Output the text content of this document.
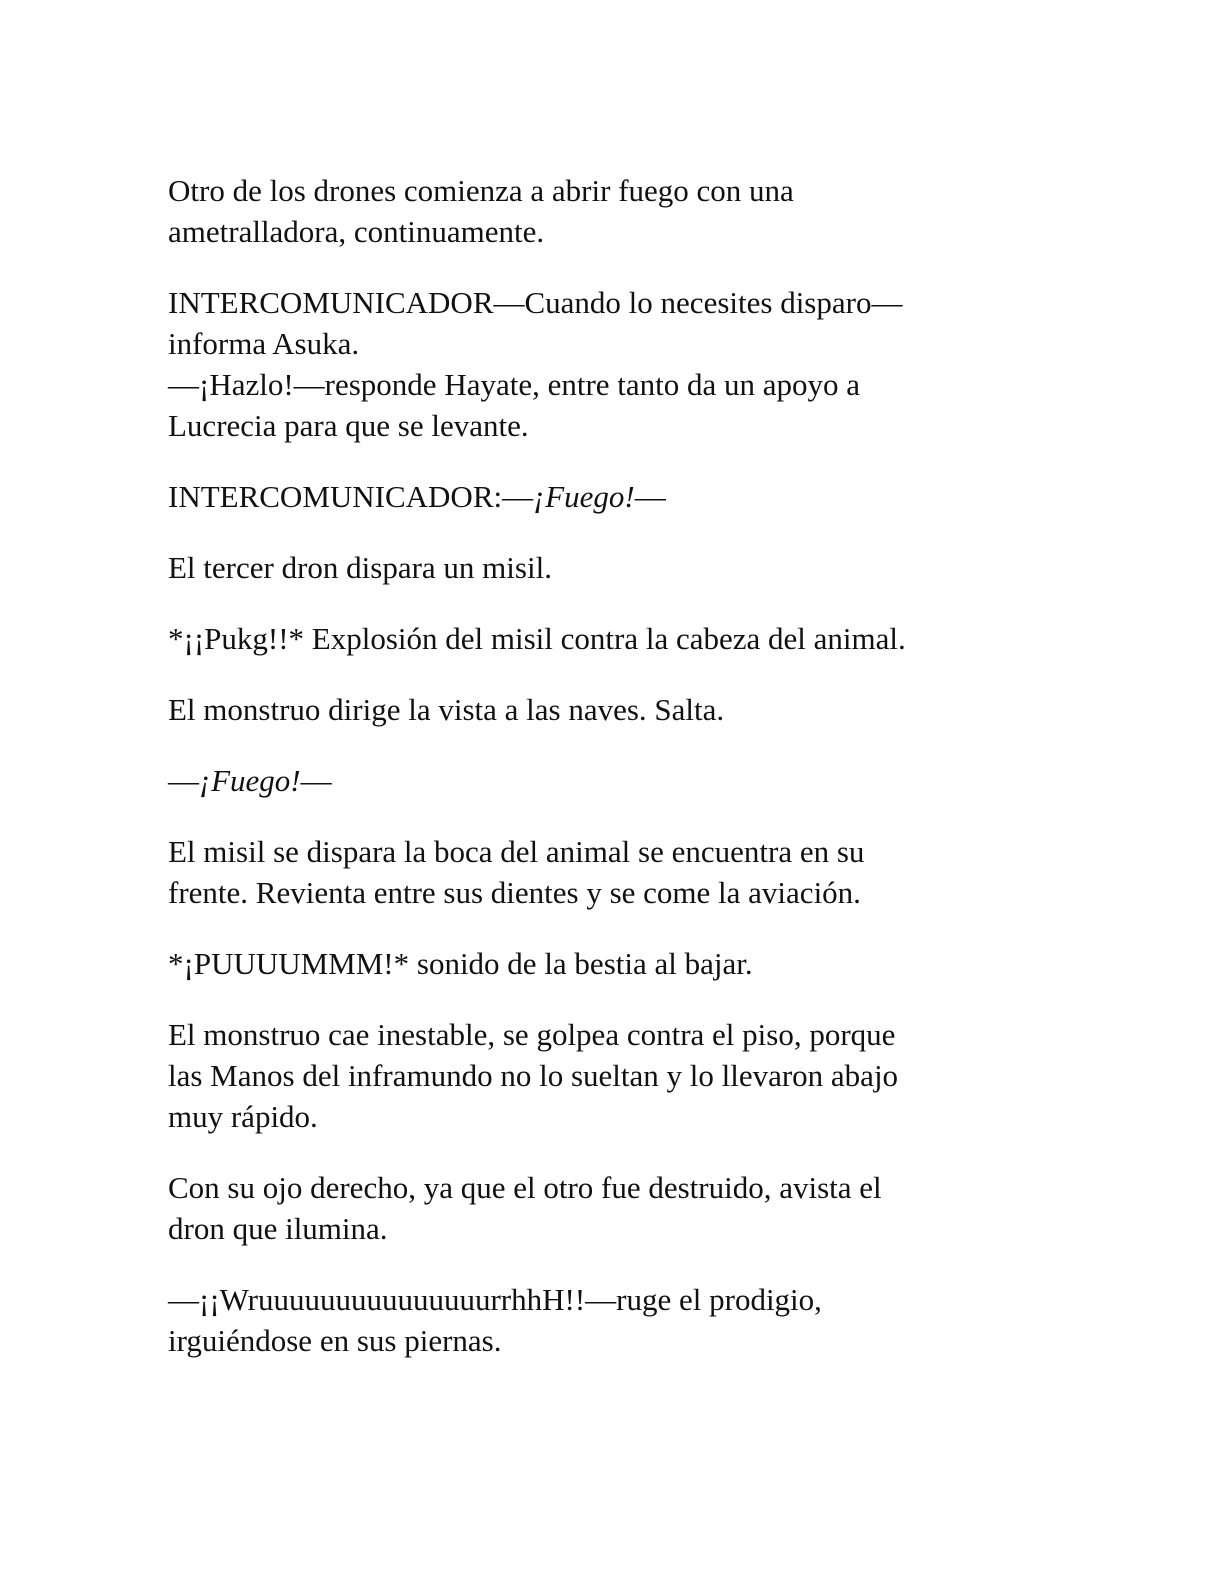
Otro de los drones comienza a abrir fuego con una
ametralladora, continuamente.

INTERCOMUNICADOR—Cuando lo necesites disparo—
informa Asuka.

—¡Hazlo!—responde Hayate, entre tanto da un apoyo a
Lucrecia para que se levante.

INTERCOMUNICADOR:—¡Fuego!—

El tercer dron dispara un misil.

*¡¡Pukg!!* Explosión del misil contra la cabeza del animal.

El monstruo dirige la vista a las naves. Salta.

—¡Fuego!—

El misil se dispara la boca del animal se encuentra en su
frente. Revienta entre sus dientes y se come la aviación.

*¡PUUUUMMM!* sonido de la bestia al bajar.

El monstruo cae inestable, se golpea contra el piso, porque
las Manos del inframundo no lo sueltan y lo llevaron abajo
muy rápido.

Con su ojo derecho, ya que el otro fue destruido, avista el
dron que ilumina.

—¡¡WruuuuuuuuuuuuuuurrhhH!!—ruge el prodigio,
irguiéndose en sus piernas.
